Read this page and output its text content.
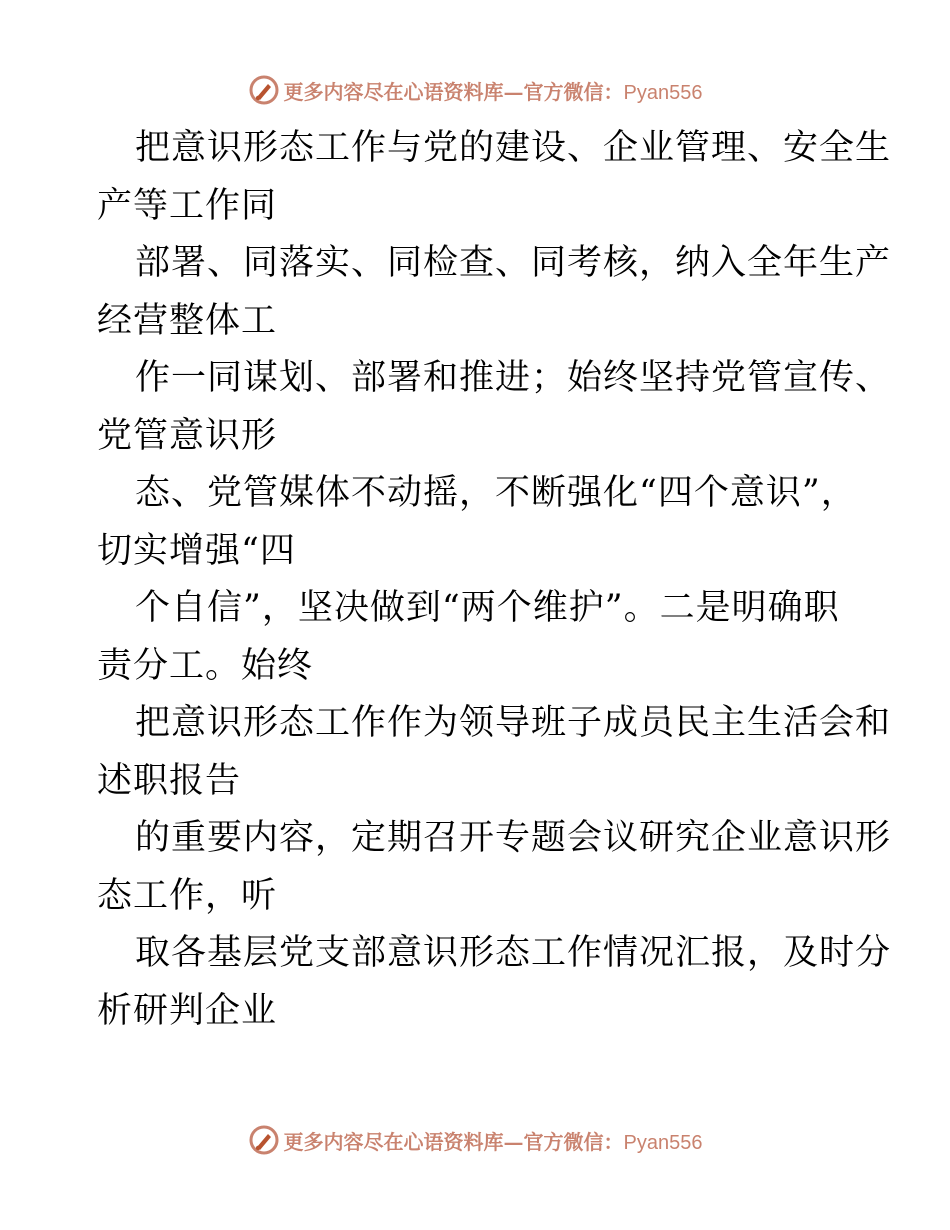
更多内容尽在心语资料库—官方微信：Pyan556
把意识形态工作与党的建设、企业管理、安全生
产等工作同
部署、同落实、同检查、同考核，纳入全年生产
经营整体工
作一同谋划、部署和推进；始终坚持党管宣传、
党管意识形
态、党管媒体不动摇，不断强化“四个意识”，
切实增强“四
个自信”，坚决做到“两个维护”。二是明确职
责分工。始终
把意识形态工作作为领导班子成员民主生活会和
述职报告
的重要内容，定期召开专题会议研究企业意识形
态工作，听
取各基层党支部意识形态工作情况汇报，及时分
析研判企业
更多内容尽在心语资料库—官方微信：Pyan556
